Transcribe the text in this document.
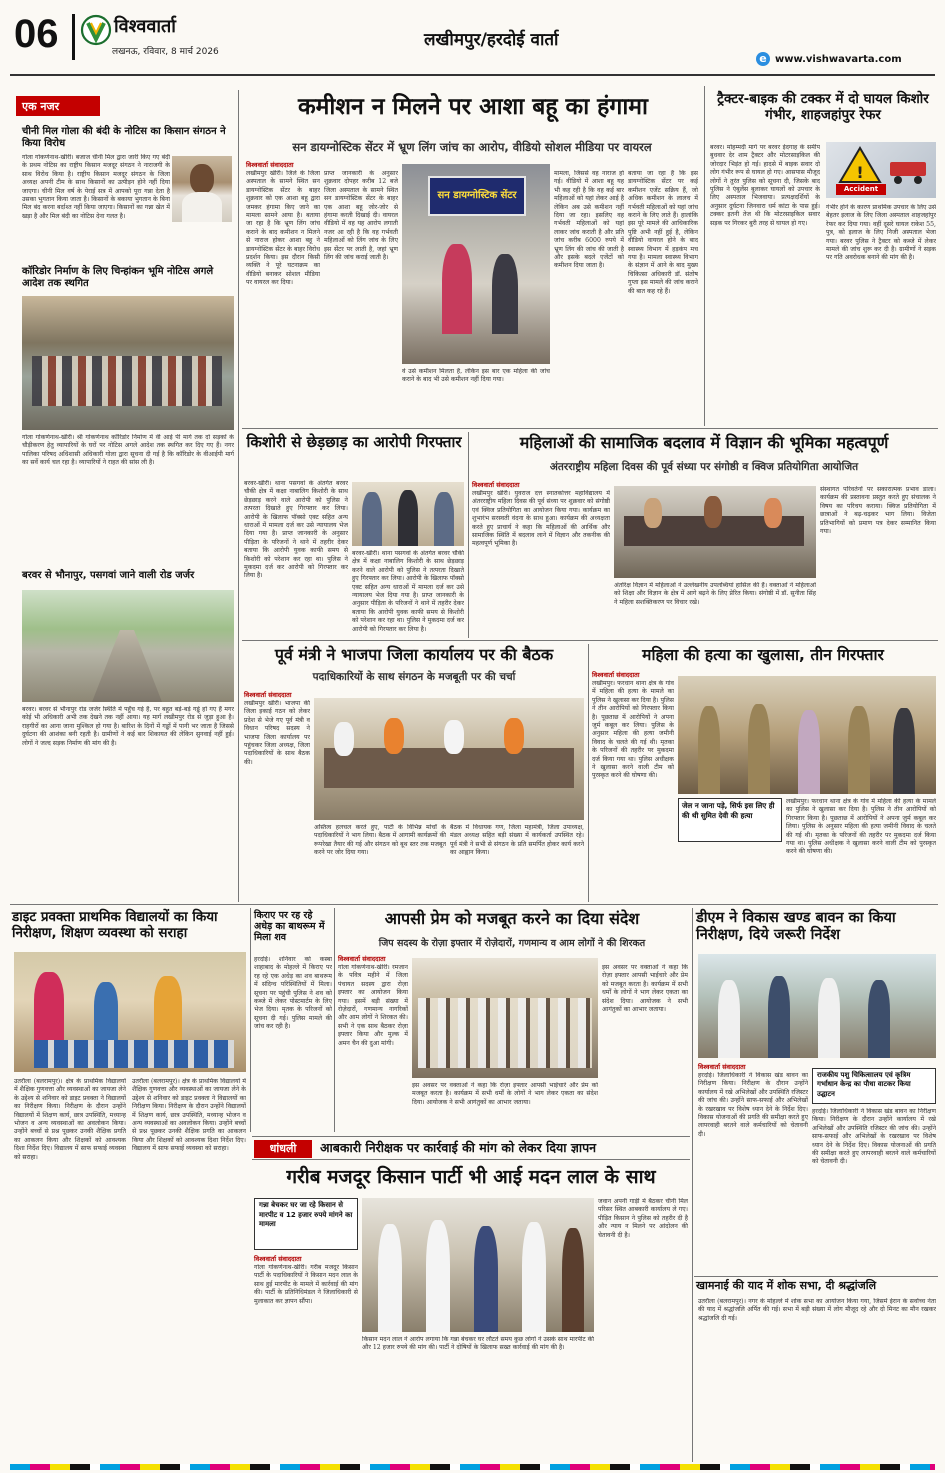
06	विश्ववार्ता
लखनऊ, रविवार, 8 मार्च 2026
लखीमपुर/हरदोई वार्ता
e www.vishwavarta.com
एक नजर
चीनी मिल गोला की बंदी के नोटिस का किसान संगठन ने किया विरोध
गोला गोकर्णनाथ-खीरी। बजाज चीनी मिल द्वारा जारी किए गए बंदी के प्रथम नोटिस का राष्ट्रीय किसान मजदूर संगठन ने नाराजगी के साथ विरोध किया है। राष्ट्रीय किसान मजदूर संगठन के जिला अध्यक्ष अपनी टीम के साथ किसानों का उत्पीड़न होने नहीं दिया जाएगा। चीनी मिल वर्ष के पेराई सत्र में आपको पूरा गन्ना देता है उसका भुगतान किया जाता है। किसानों के बकाया भुगतान के बिना मिल बंद करना बर्दाश्त नहीं किया जाएगा। किसानों का गन्ना खेत में खड़ा है और मिल बंदी का नोटिस देना गलत है।
कॉरिडोर निर्माण के लिए चिन्हांकन भूमि नोटिस अगले आदेश तक स्थगित
गोला गोकर्णनाथ-खीरी। श्री गोकर्णनाथ कॉरिडोर निर्माण में वी आई पी मार्ग तक दो सड़कों के चौड़ीकरण हेतु व्यापारियों के घरों पर नोटिस अगले आदेश तक स्थगित कर दिए गए हैं। नगर पालिका परिषद अधिशासी अधिकारी गोला द्वारा सूचना दी गई है कि कॉरिडोर के वीआईपी मार्ग का सर्वे कार्य चल रहा है। व्यापारियों ने राहत की सांस ली है।
बरवर से भौनापुर, पसगवां जाने वाली रोड जर्जर
बरवर। बरवर से भौनापुर रोड जर्जर स्थिति में पहुँच गई है, पर बहुत बड़े-बड़े गड्ढे हो गए हैं मगर कोई भी अधिकारी अभी तक देखने तक नहीं आया। यह मार्ग लखीमपुर रोड से जुड़ा हुआ है। राहगीरों का आना जाना मुश्किल हो गया है। बारिश के दिनों में गड्ढों में पानी भर जाता है जिससे दुर्घटना की आशंका बनी रहती है। ग्रामीणों ने कई बार शिकायत की लेकिन सुनवाई नहीं हुई। लोगों ने जल्द सड़क निर्माण की मांग की है।
कमीशन न मिलने पर आशा बहू का हंगामा
सन डायग्नोस्टिक सेंटर में भ्रूण लिंग जांच का आरोप, वीडियो सोशल मीडिया पर वायरल
विश्ववार्ता संवाददाता
लखीमपुर खीरी। जिले के जिला अस्पताल के सामने स्थित सन डायग्नोस्टिक सेंटर के बाहर शुक्रवार को एक आशा बहू द्वारा जमकर हंगामा किए जाने का मामला सामने आया है। बताया जा रहा है कि भ्रूण लिंग जांच कराने के बाद कमीशन न मिलने से नाराज होकर आशा बहू ने डायग्नोस्टिक सेंटर के बाहर विरोध प्रदर्शन किया। इस दौरान किसी व्यक्ति ने पूरे घटनाक्रम का वीडियो बनाकर सोशल मीडिया पर वायरल कर दिया।
प्राप्त जानकारी के अनुसार शुक्रवार दोपहर करीब 12 बजे जिला अस्पताल के सामने स्थित सन डायग्नोस्टिक सेंटर के बाहर एक आशा बहू जोर-जोर से हंगामा करती दिखाई दी। वायरल वीडियो में वह यह आरोप लगाती नजर आ रही है कि वह गर्भवती महिलाओं को लिंग जांच के लिए इस सेंटर पर लाती है, जहां भ्रूण लिंग की जांच कराई जाती है।
सन डायग्नोस्टिक सेंटर
वे उसे कमीशन मिलता है, लेकिन इस बार एक महिला की जांच कराने के बाद भी उसे कमीशन नहीं दिया गया।
मामला, जिससे वह नाराज हो गई। वीडियो में आशा बहू यह भी कह रही है कि वह कई बार महिलाओं को यहां लेकर आई है लेकिन अब उसे कमीशन नहीं दिया जा रहा। इसलिए वह गर्भवती महिलाओं को यहां लाकर जांच कराती है और प्रति जांच करीब 6000 रुपये में भ्रूण लिंग की जांच की जाती है और इसके बदले एजेंटों को कमीशन दिया जाता है।
बताया जा रहा है कि इस डायग्नोस्टिक सेंटर पर कई कमीशन एजेंट सक्रिय हैं, जो अधिक कमीशन के लालच में गर्भवती महिलाओं को यहां जांच कराने के लिए लाते हैं। हालांकि इस पूरे मामले की आधिकारिक पुष्टि अभी नहीं हुई है, लेकिन वीडियो वायरल होने के बाद स्वास्थ्य विभाग में हड़कंप मच गया है। मामला स्वास्थ्य विभाग के संज्ञान में आने के बाद मुख्य चिकित्सा अधिकारी डॉ. संतोष गुप्ता इस मामले की जांच कराने की बात कह रहे हैं।
ट्रैक्टर-बाइक की टक्कर में दो घायल किशोर गंभीर, शाहजहांपुर रेफर
बरवर। मोहम्मदी मार्ग पर बरवर ईदगाह के समीप बुधवार देर शाम ट्रैक्टर और मोटरसाइकिल की जोरदार भिड़ंत हो गई। हादसे में बाइक सवार दो लोग गंभीर रूप से घायल हो गए। आसपास मौजूद लोगों ने तुरंत पुलिस को सूचना दी, जिसके बाद पुलिस ने एंबुलेंस बुलाकर घायलों को उपचार के लिए अस्पताल भिजवाया। प्रत्यक्षदर्शियों के अनुसार दुर्घटना जिनवारा धर्म कांटा के पास हुई। टक्कर इतनी तेज थी कि मोटरसाइकिल सवार सड़क पर गिरकर बुरी तरह से घायल हो गए।
!
Accident
गंभीर होने के कारण प्राथमिक उपचार के लिए उसे बेहतर इलाज के लिए जिला अस्पताल शाहजहांपुर रेफर कर दिया गया। वहीं दूसरे घायल राकेश 55, पुत्र, को इलाज के लिए निजी अस्पताल भेजा गया। बरवर पुलिस ने ट्रैक्टर को कब्जे में लेकर मामले की जांच शुरू कर दी है। ग्रामीणों ने सड़क पर गति अवरोधक बनाने की मांग की है।
किशोरी से छेड़छाड़ का आरोपी गिरफ्तार
बरवर-खीरी। थाना पसगवां के अंतर्गत बरवर चौकी क्षेत्र में कक्षा नाबालिग किशोरी के साथ छेड़छाड़ करने वाले आरोपी को पुलिस ने तत्परता दिखाते हुए गिरफ्तार कर लिया। आरोपी के खिलाफ पॉक्सो एक्ट सहित अन्य धाराओं में मामला दर्ज कर उसे न्यायालय भेज दिया गया है। प्राप्त जानकारी के अनुसार पीड़िता के परिजनों ने थाने में तहरीर देकर बताया कि आरोपी युवक काफी समय से किशोरी को परेशान कर रहा था। पुलिस ने मुकदमा दर्ज कर आरोपी को गिरफ्तार कर लिया है।
बरवर-खीरी। थाना पसगवां के अंतर्गत बरवर चौकी क्षेत्र में कक्षा नाबालिग किशोरी के साथ छेड़छाड़ करने वाले आरोपी को पुलिस ने तत्परता दिखाते हुए गिरफ्तार कर लिया। आरोपी के खिलाफ पॉक्सो एक्ट सहित अन्य धाराओं में मामला दर्ज कर उसे न्यायालय भेज दिया गया है। प्राप्त जानकारी के अनुसार पीड़िता के परिजनों ने थाने में तहरीर देकर बताया कि आरोपी युवक काफी समय से किशोरी को परेशान कर रहा था। पुलिस ने मुकदमा दर्ज कर आरोपी को गिरफ्तार कर लिया है।
महिलाओं की सामाजिक बदलाव में विज्ञान की भूमिका महत्वपूर्ण
अंतरराष्ट्रीय महिला दिवस की पूर्व संध्या पर संगोष्ठी व क्विज प्रतियोगिता आयोजित
विश्ववार्ता संवाददाता
लखीमपुर खीरी। युवराज दत्त स्नातकोत्तर महाविद्यालय में अंतरराष्ट्रीय महिला दिवस की पूर्व संध्या पर शुक्रवार को संगोष्ठी एवं क्विज प्रतियोगिता का आयोजन किया गया। कार्यक्रम का शुभारंभ सरस्वती वंदना के साथ हुआ। कार्यक्रम की अध्यक्षता करते हुए प्राचार्य ने कहा कि महिलाओं की आर्थिक और सामाजिक स्थिति में बदलाव लाने में विज्ञान और तकनीक की महत्वपूर्ण भूमिका है।
अंतरिक्ष विज्ञान में महिलाओं ने उल्लेखनीय उपलब्धियां हासिल की हैं। वक्ताओं ने महिलाओं को शिक्षा और विज्ञान के क्षेत्र में आगे बढ़ने के लिए प्रेरित किया। संगोष्ठी में डॉ. सुनीता सिंह ने महिला सशक्तिकरण पर विचार रखे।
संस्थागत परिवर्तनों पर सकारात्मक प्रभाव डाला। कार्यक्रम की प्रस्तावना प्रस्तुत करते हुए संचालक ने विषय का परिचय कराया। क्विज प्रतियोगिता में छात्राओं ने बढ़-चढ़कर भाग लिया। विजेता प्रतिभागियों को प्रमाण पत्र देकर सम्मानित किया गया।
पूर्व मंत्री ने भाजपा जिला कार्यालय पर की बैठक
पदाधिकारियों के साथ संगठन के मजबूती पर की चर्चा
विश्ववार्ता संवाददाता
लखीमपुर खीरी। भाजपा की जिला इकाई गठन को लेकर प्रदेश से भेजे गए पूर्व मंत्री व विधान परिषद सदस्य ने भाजपा जिला कार्यालय पर पहुंचकर जिला अध्यक्ष, जिला पदाधिकारियों के साथ बैठक की।
अस्तित्व हलचल करते हुए, पार्टी के विभिन्न मोर्चों के पदाधिकारियों ने भाग लिया। बैठक में आगामी कार्यक्रमों की रूपरेखा तैयार की गई और संगठन को बूथ स्तर तक मजबूत करने पर जोर दिया गया।
बैठक में विधायक गण, जिला महामंत्री, जिला उपाध्यक्ष, मंडल अध्यक्ष सहित बड़ी संख्या में कार्यकर्ता उपस्थित रहे। पूर्व मंत्री ने सभी से संगठन के प्रति समर्पित होकर कार्य करने का आह्वान किया।
महिला की हत्या का खुलासा, तीन गिरफ्तार
विश्ववार्ता संवाददाता
लखीमपुर। फरधान थाना क्षेत्र के गांव में महिला की हत्या के मामले का पुलिस ने खुलासा कर दिया है। पुलिस ने तीन आरोपियों को गिरफ्तार किया है। पूछताछ में आरोपियों ने अपना जुर्म कबूल कर लिया। पुलिस के अनुसार महिला की हत्या जमीनी विवाद के चलते की गई थी। मृतका के परिजनों की तहरीर पर मुकदमा दर्ज किया गया था। पुलिस अधीक्षक ने खुलासा करने वाली टीम को पुरस्कृत करने की घोषणा की।
जेल न जाना पड़े, सिर्फ इस लिए ही की थी सुमित देवी की हत्या
लखीमपुर। फरधान थाना क्षेत्र के गांव में महिला की हत्या के मामले का पुलिस ने खुलासा कर दिया है। पुलिस ने तीन आरोपियों को गिरफ्तार किया है। पूछताछ में आरोपियों ने अपना जुर्म कबूल कर लिया। पुलिस के अनुसार महिला की हत्या जमीनी विवाद के चलते की गई थी। मृतका के परिजनों की तहरीर पर मुकदमा दर्ज किया गया था। पुलिस अधीक्षक ने खुलासा करने वाली टीम को पुरस्कृत करने की घोषणा की।
डाइट प्रवक्ता प्राथमिक विद्यालयों का किया निरीक्षण, शिक्षण व्यवस्था को सराहा
उतरौला (बलरामपुर)। क्षेत्र के प्राथमिक विद्यालयों में शैक्षिक गुणवत्ता और व्यवस्थाओं का जायजा लेने के उद्देश्य से शनिवार को डाइट प्रवक्ता ने विद्यालयों का निरीक्षण किया। निरीक्षण के दौरान उन्होंने विद्यालयों में शिक्षण कार्य, छात्र उपस्थिति, मध्यान्ह भोजन व अन्य व्यवस्थाओं का अवलोकन किया। उन्होंने बच्चों से प्रश्न पूछकर उनकी शैक्षिक प्रगति का आकलन किया और शिक्षकों को आवश्यक दिशा निर्देश दिए। विद्यालय में साफ सफाई व्यवस्था को सराहा।
उतरौला (बलरामपुर)। क्षेत्र के प्राथमिक विद्यालयों में शैक्षिक गुणवत्ता और व्यवस्थाओं का जायजा लेने के उद्देश्य से शनिवार को डाइट प्रवक्ता ने विद्यालयों का निरीक्षण किया। निरीक्षण के दौरान उन्होंने विद्यालयों में शिक्षण कार्य, छात्र उपस्थिति, मध्यान्ह भोजन व अन्य व्यवस्थाओं का अवलोकन किया। उन्होंने बच्चों से प्रश्न पूछकर उनकी शैक्षिक प्रगति का आकलन किया और शिक्षकों को आवश्यक दिशा निर्देश दिए। विद्यालय में साफ सफाई व्यवस्था को सराहा।
किराए पर रह रहे अधेड़ का बाथरूम में मिला शव
हरदोई। शनिवार को कस्बा शाहाबाद के मोहल्ले में किराए पर रह रहे एक अधेड़ का शव बाथरूम में संदिग्ध परिस्थितियों में मिला। सूचना पर पहुंची पुलिस ने शव को कब्जे में लेकर पोस्टमार्टम के लिए भेज दिया। मृतक के परिजनों को सूचना दी गई। पुलिस मामले की जांच कर रही है।
आपसी प्रेम को मजबूत करने का दिया संदेश
जिप सदस्य के रोज़ा इफ्तार में रोज़ेदारों, गणमान्य व आम लोगों ने की शिरकत
विश्ववार्ता संवाददाता
गोला गोकर्णनाथ-खीरी। रमजान के पवित्र महीने में जिला पंचायत सदस्य द्वारा रोज़ा इफ्तार का आयोजन किया गया। इसमें बड़ी संख्या में रोज़ेदारों, गणमान्य नागरिकों और आम लोगों ने शिरकत की। सभी ने एक साथ बैठकर रोज़ा इफ्तार किया और मुल्क में अमन चैन की दुआ मांगी।
इस अवसर पर वक्ताओं ने कहा कि रोज़ा इफ्तार आपसी भाईचारे और प्रेम को मजबूत करता है। कार्यक्रम में सभी धर्मों के लोगों ने भाग लेकर एकता का संदेश दिया। आयोजक ने सभी आगंतुकों का आभार जताया।
इस अवसर पर वक्ताओं ने कहा कि रोज़ा इफ्तार आपसी भाईचारे और प्रेम को मजबूत करता है। कार्यक्रम में सभी धर्मों के लोगों ने भाग लेकर एकता का संदेश दिया। आयोजक ने सभी आगंतुकों का आभार जताया।
डीएम ने विकास खण्ड बावन का किया निरीक्षण, दिये जरूरी निर्देश
विश्ववार्ता संवाददाता
हरदोई। जिलाधिकारी ने विकास खंड बावन का निरीक्षण किया। निरीक्षण के दौरान उन्होंने कार्यालय में रखे अभिलेखों और उपस्थिति रजिस्टर की जांच की। उन्होंने साफ-सफाई और अभिलेखों के रखरखाव पर विशेष ध्यान देने के निर्देश दिए। विकास योजनाओं की प्रगति की समीक्षा करते हुए लापरवाही बरतने वाले कर्मचारियों को चेतावनी दी।
राजकीय पशु चिकित्सालय एवं कृत्रिम गर्भाधान केन्द्र का पौधा वाटकर किया उद्घाटन
हरदोई। जिलाधिकारी ने विकास खंड बावन का निरीक्षण किया। निरीक्षण के दौरान उन्होंने कार्यालय में रखे अभिलेखों और उपस्थिति रजिस्टर की जांच की। उन्होंने साफ-सफाई और अभिलेखों के रखरखाव पर विशेष ध्यान देने के निर्देश दिए। विकास योजनाओं की प्रगति की समीक्षा करते हुए लापरवाही बरतने वाले कर्मचारियों को चेतावनी दी।
धांधली	आबकारी निरीक्षक पर कार्रवाई की मांग को लेकर दिया ज्ञापन
गरीब मजदूर किसान पार्टी भी आई मदन लाल के साथ
गन्ना बेचकर घर जा रहे किसान से मारपीट व 12 हजार रुपये मांगने का मामला
विश्ववार्ता संवाददाता
गोला गोकर्णनाथ-खीरी। गरीब मजदूर किसान पार्टी के पदाधिकारियों ने किसान मदन लाल के साथ हुई मारपीट के मामले में कार्रवाई की मांग की। पार्टी के प्रतिनिधिमंडल ने जिलाधिकारी से मुलाकात कर ज्ञापन सौंपा।
किसान मदन लाल ने आरोप लगाया कि गन्ना बेचकर घर लौटते समय कुछ लोगों ने उसके साथ मारपीट की और 12 हजार रुपये की मांग की। पार्टी ने दोषियों के खिलाफ सख्त कार्रवाई की मांग की है।
जवान अपनी गाड़ी में बैठकर चीनी मिल परिसर स्थित आबकारी कार्यालय ले गए। पीड़ित किसान ने पुलिस को तहरीर दी है और न्याय न मिलने पर आंदोलन की चेतावनी दी है।
खामनाई की याद में शोक सभा, दी श्रद्धांजलि
उतरौला (बलरामपुर)। नगर के मोहल्ले में शोक सभा का आयोजन किया गया, जिसमें ईरान के सर्वोच्च नेता की याद में श्रद्धांजलि अर्पित की गई। सभा में बड़ी संख्या में लोग मौजूद रहे और दो मिनट का मौन रखकर श्रद्धांजलि दी गई।
